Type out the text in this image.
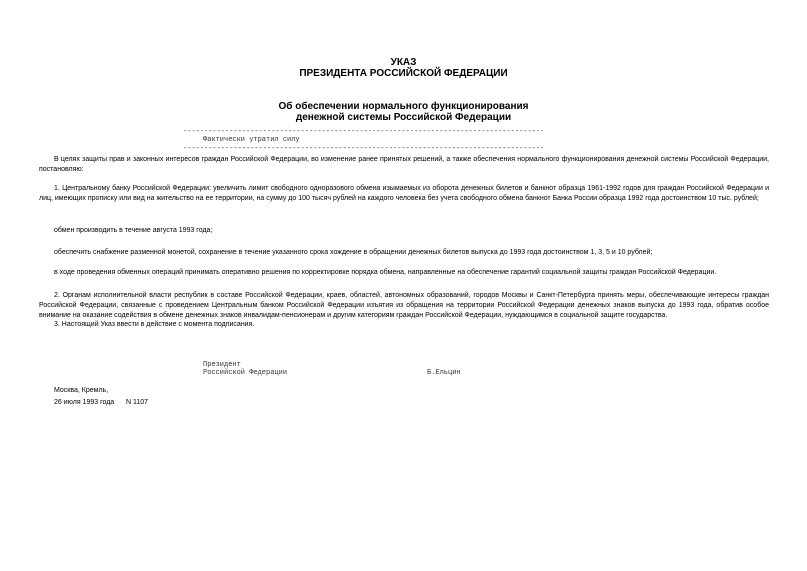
УКАЗ
ПРЕЗИДЕНТА РОССИЙСКОЙ ФЕДЕРАЦИИ
Об обеспечении нормального функционирования
денежной системы Российской Федерации
--------------------------------------------------------------------------------------
Фактически утратил силу
--------------------------------------------------------------------------------------
В целях защиты прав и законных интересов граждан Российской Федерации, во изменение ранее принятых решений, а также обеспечения нормального функционирования денежной системы Российской Федерации, постановляю:
1. Центральному банку Российской Федерации: увеличить лимит свободного одноразового обмена изымаемых из оборота денежных билетов и банкнот образца 1961-1992 годов для граждан Российской Федерации и лиц, имеющих прописку или вид на жительство на ее территории, на сумму до 100 тысяч рублей на каждого человека без учета свободного обмена банкнот Банка России образца 1992 года достоинством 10 тыс. рублей;
обмен производить в течение августа 1993 года;
обеспечить снабжение разменной монетой, сохранение в течение указанного срока хождение в обращении денежных билетов выпуска до 1993 года достоинством 1, 3, 5 и 10 рублей;
в ходе проведения обменных операций принимать оперативно решения по корректировке порядка обмена, направленные на обеспечение гарантий социальной защиты граждан Российской Федерации.
2. Органам исполнительной власти республик в составе Российской Федерации, краев, областей, автономных образований, городов Москвы и Санкт-Петербурга принять меры, обеспечивающие интересы граждан Российской Федерации, связанные с проведением Центральным банком Российской Федерации изъятия из обращения на территории Российской Федерации денежных знаков выпуска до 1993 года, обратив особое внимание на оказание содействия в обмене денежных знаков инвалидам-пенсионерам и другим категориям граждан Российской Федерации, нуждающимся в социальной защите государства.
3. Настоящий Указ ввести в действие с момента подписания.
Президент
Российской Федерации	Б.Ельцин
Москва, Кремль,
26 июля 1993 года N 1107
